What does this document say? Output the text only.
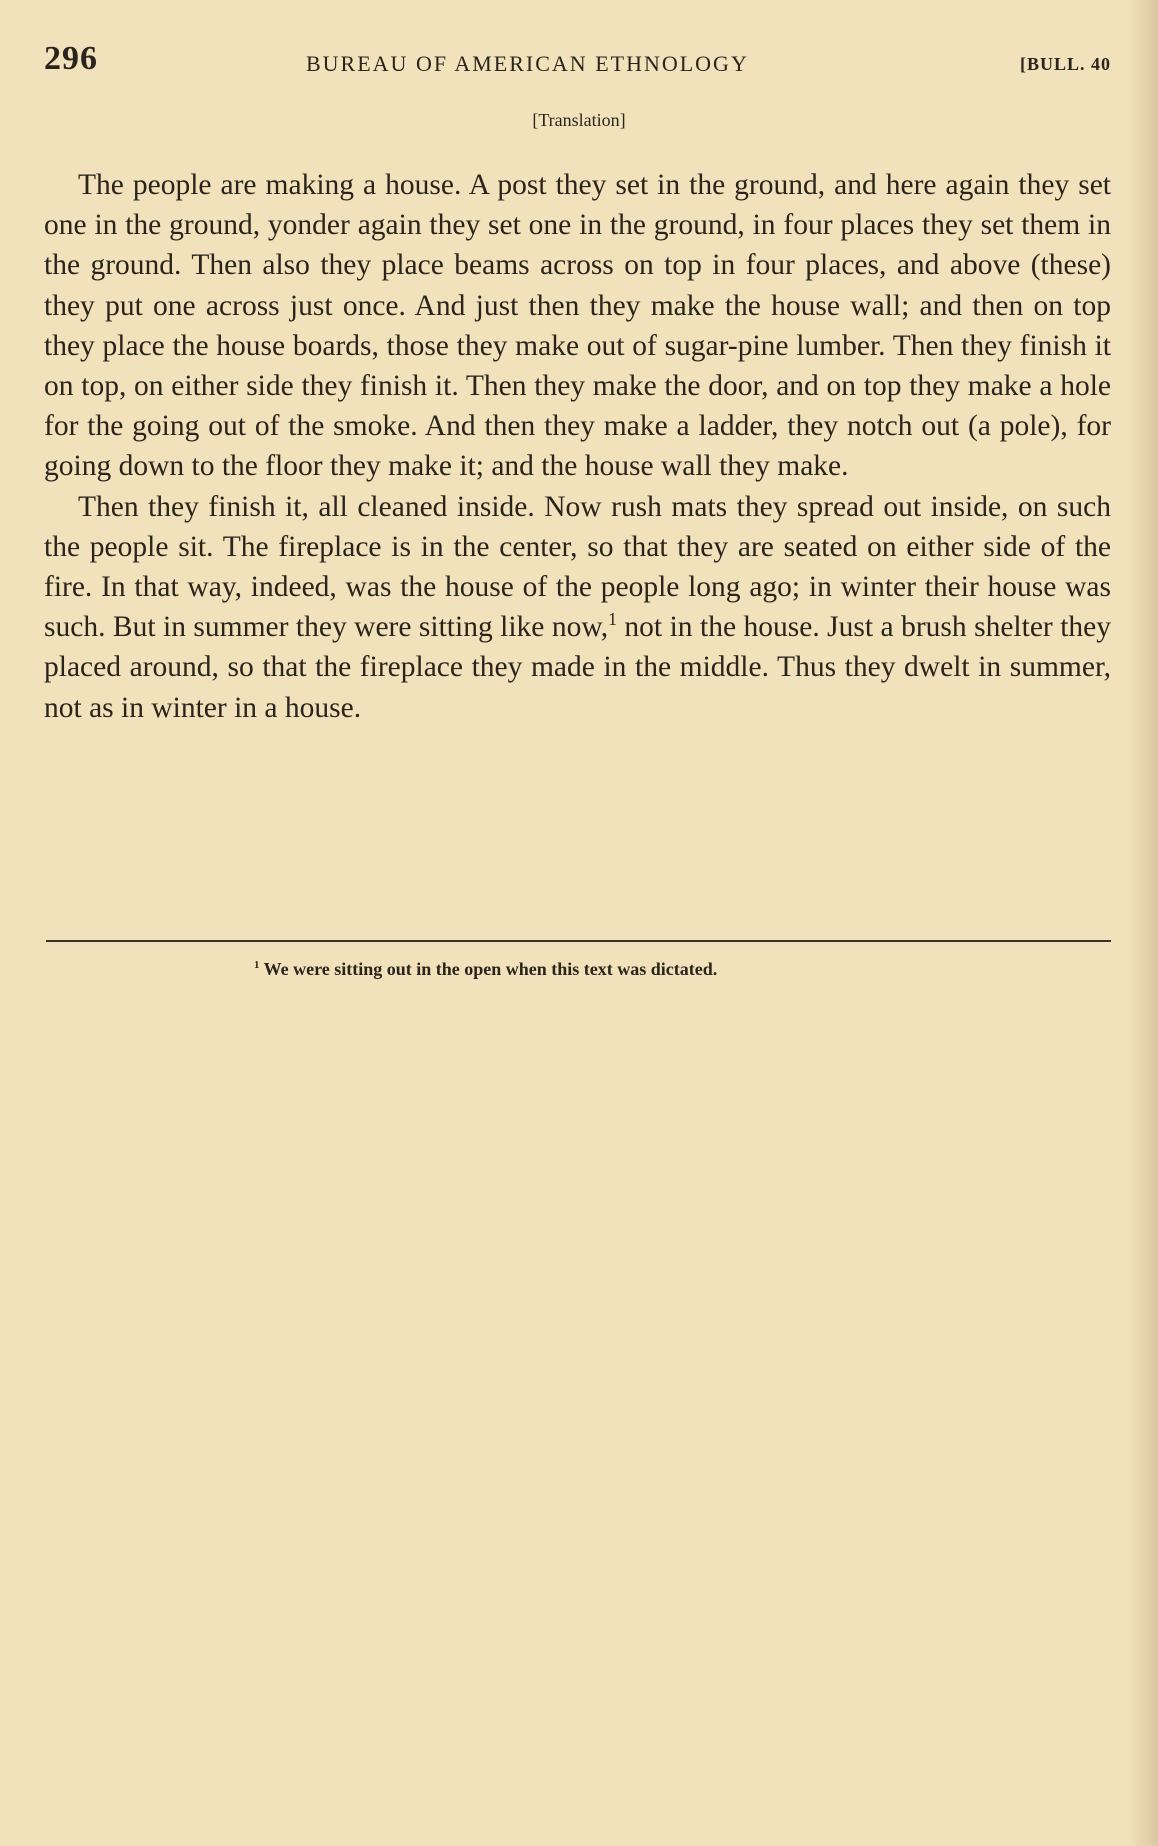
296	BUREAU OF AMERICAN ETHNOLOGY	[BULL. 40
[Translation]

The people are making a house. A post they set in the ground, and here again they set one in the ground, yonder again they set one in the ground, in four places they set them in the ground. Then also they place beams across on top in four places, and above (these) they put one across just once. And just then they make the house wall; and then on top they place the house boards, those they make out of sugar-pine lumber. Then they finish it on top, on either side they finish it. Then they make the door, and on top they make a hole for the going out of the smoke. And then they make a ladder, they notch out (a pole), for going down to the floor they make it; and the house wall they make.

Then they finish it, all cleaned inside. Now rush mats they spread out inside, on such the people sit. The fireplace is in the center, so that they are seated on either side of the fire. In that way, indeed, was the house of the people long ago; in winter their house was such. But in summer they were sitting like now,$^1$ not in the house. Just a brush shelter they placed around, so that the fireplace they made in the middle. Thus they dwelt in summer, not as in winter in a house.

$^1$ We were sitting out in the open when this text was dictated.
